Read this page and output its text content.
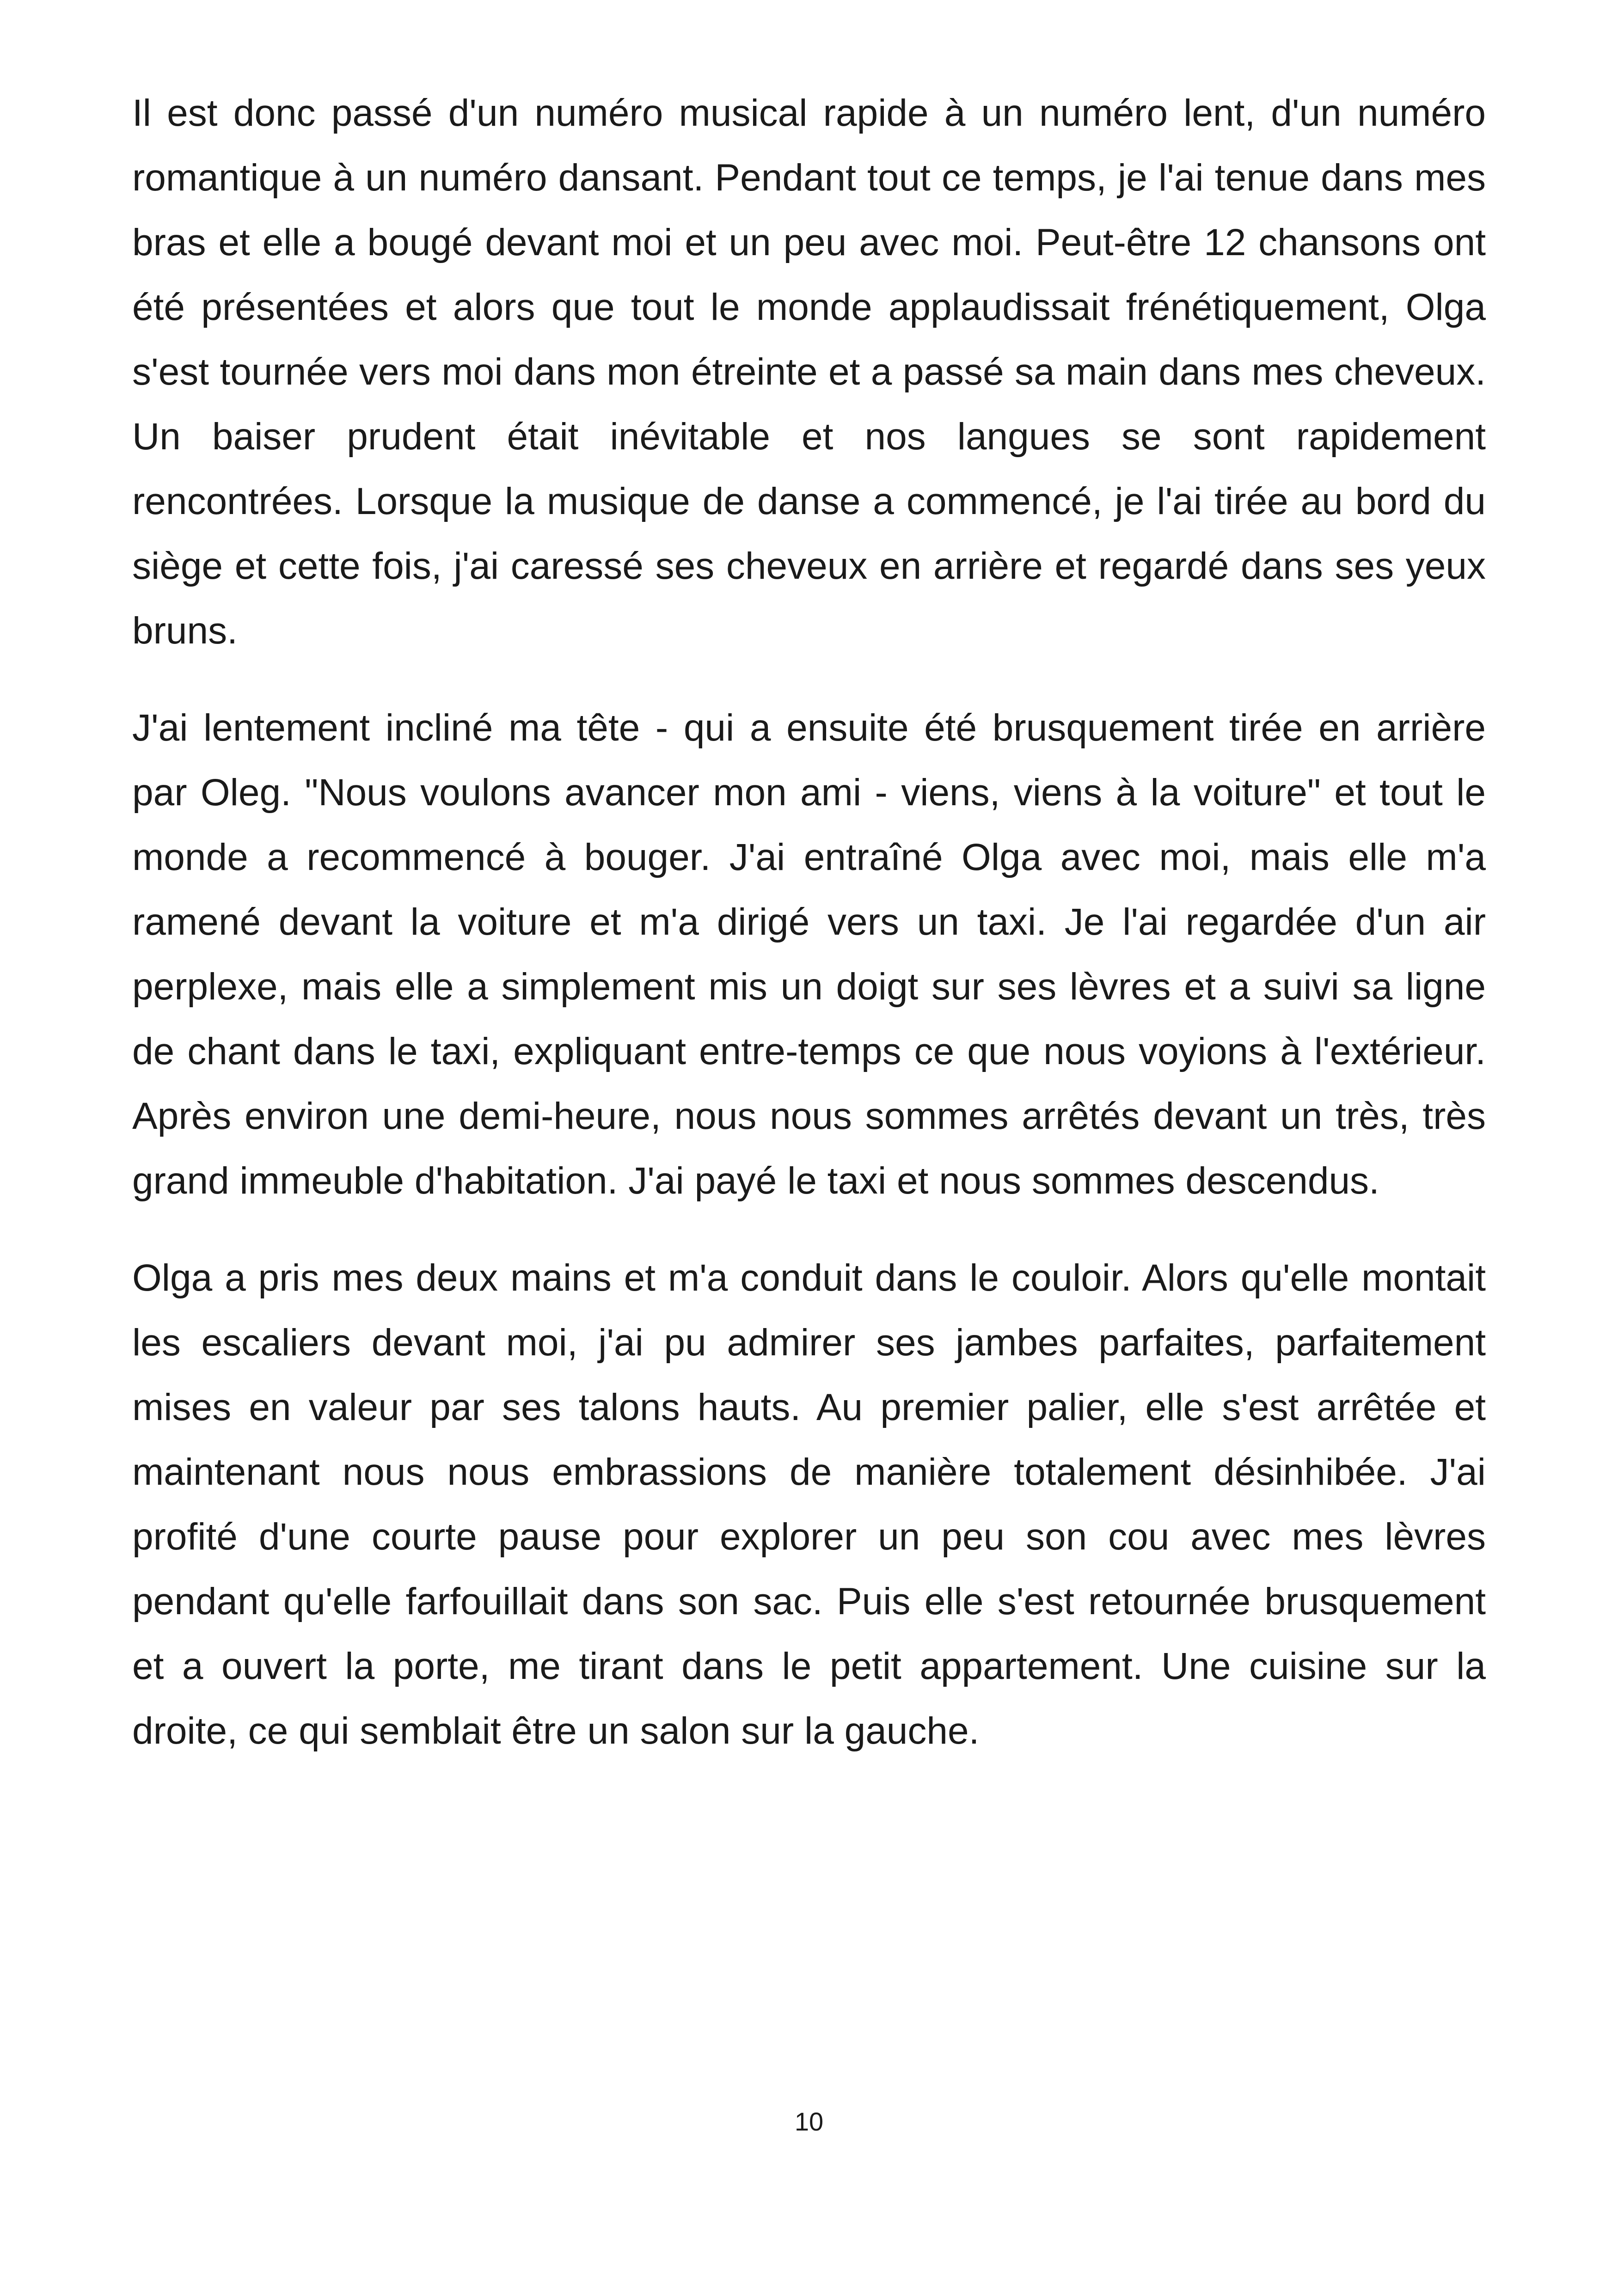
Il est donc passé d'un numéro musical rapide à un numéro lent, d'un numéro romantique à un numéro dansant. Pendant tout ce temps, je l'ai tenue dans mes bras et elle a bougé devant moi et un peu avec moi. Peut-être 12 chansons ont été présentées et alors que tout le monde applaudissait frénétiquement, Olga s'est tournée vers moi dans mon étreinte et a passé sa main dans mes cheveux. Un baiser prudent était inévitable et nos langues se sont rapidement rencontrées. Lorsque la musique de danse a commencé, je l'ai tirée au bord du siège et cette fois, j'ai caressé ses cheveux en arrière et regardé dans ses yeux bruns.

J'ai lentement incliné ma tête - qui a ensuite été brusquement tirée en arrière par Oleg. "Nous voulons avancer mon ami - viens, viens à la voiture" et tout le monde a recommencé à bouger. J'ai entraîné Olga avec moi, mais elle m'a ramené devant la voiture et m'a dirigé vers un taxi. Je l'ai regardée d'un air perplexe, mais elle a simplement mis un doigt sur ses lèvres et a suivi sa ligne de chant dans le taxi, expliquant entre-temps ce que nous voyions à l'extérieur. Après environ une demi-heure, nous nous sommes arrêtés devant un très, très grand immeuble d'habitation. J'ai payé le taxi et nous sommes descendus.

Olga a pris mes deux mains et m'a conduit dans le couloir. Alors qu'elle montait les escaliers devant moi, j'ai pu admirer ses jambes parfaites, parfaitement mises en valeur par ses talons hauts. Au premier palier, elle s'est arrêtée et maintenant nous nous embrassions de manière totalement désinhibée. J'ai profité d'une courte pause pour explorer un peu son cou avec mes lèvres pendant qu'elle farfouillait dans son sac. Puis elle s'est retournée brusquement et a ouvert la porte, me tirant dans le petit appartement. Une cuisine sur la droite, ce qui semblait être un salon sur la gauche.

10
